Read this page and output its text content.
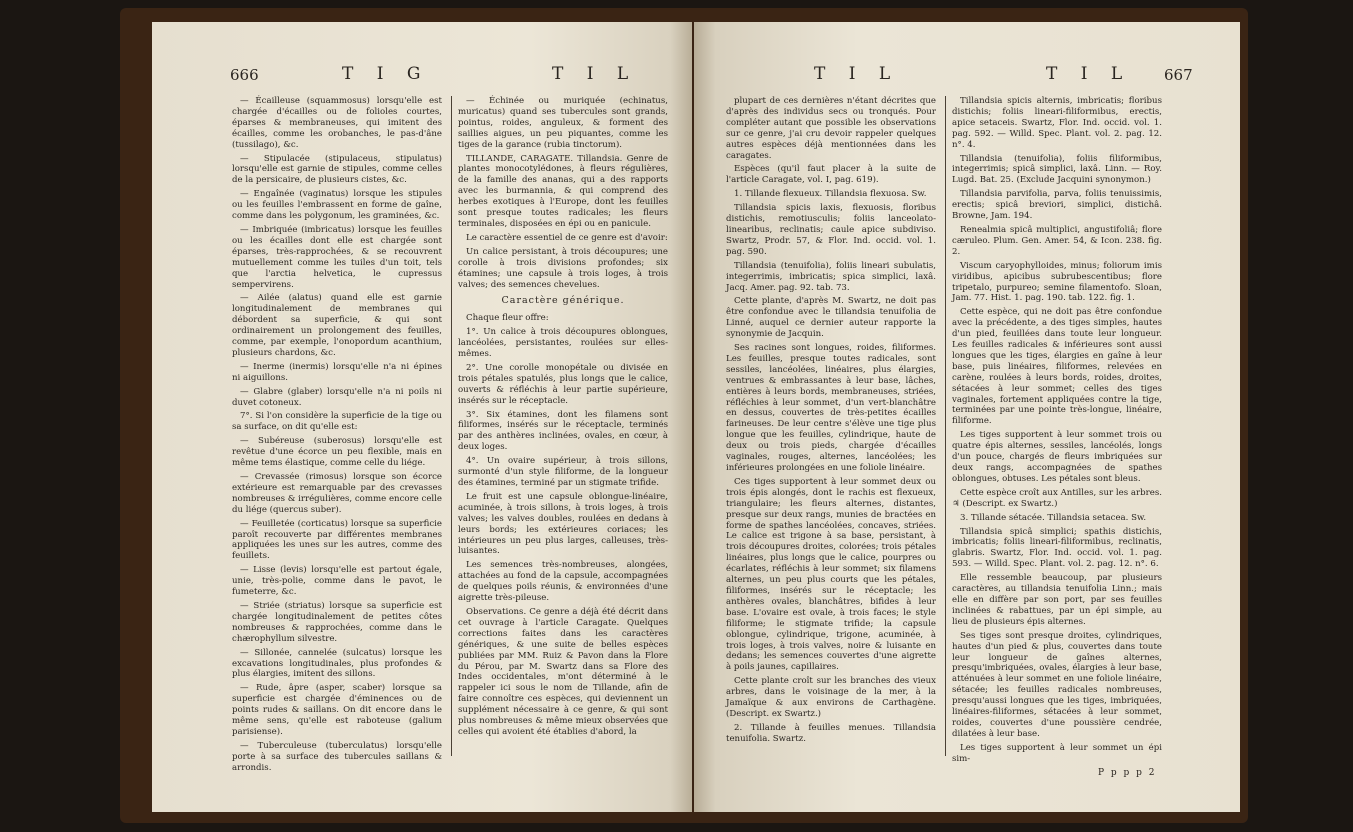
666	T I G	T I L

— Écailleuse (squammosus) lorsqu'elle est chargée d'écailles ou de folioles courtes, éparses & membraneuses, qui imitent des écailles, comme les orobanches, le pas-d'âne (tussilago), &c.

— Stipulacée (stipulaceus, stipulatus) lorsqu'elle est garnie de stipules, comme celles de la persicaire, de plusieurs cistes, &c.

— Engaînée (vaginatus) lorsque les stipules ou les feuilles l'embrassent en forme de gaîne, comme dans les polygonum, les graminées, &c.

— Imbriquée (imbricatus) lorsque les feuilles ou les écailles dont elle est chargée sont éparses, très-rapprochées, & se recouvrent mutuellement comme les tuiles d'un toit, tels que l'arctia helvetica, le cupressus sempervirens.

— Ailée (alatus) quand elle est garnie longitudinalement de membranes qui débordent sa superficie, & qui sont ordinairement un prolongement des feuilles, comme, par exemple, l'onopordum acanthium, plusieurs chardons, &c.

— Inerme (inermis) lorsqu'elle n'a ni épines ni aiguillons.

— Glabre (glaber) lorsqu'elle n'a ni poils ni duvet cotoneux.

7°. Si l'on considère la superficie de la tige ou sa surface, on dit qu'elle est:

— Subéreuse (suberosus) lorsqu'elle est revêtue d'une écorce un peu flexible, mais en même tems élastique, comme celle du liége.

— Crevassée (rimosus) lorsque son écorce extérieure est remarquable par des crevasses nombreuses & irrégulières, comme encore celle du liége (quercus suber).

— Feuilletée (corticatus) lorsque sa superficie paroît recouverte par différentes membranes appliquées les unes sur les autres, comme des feuillets.

— Lisse (levis) lorsqu'elle est partout égale, unie, très-polie, comme dans le pavot, le fumeterre, &c.

— Striée (striatus) lorsque sa superficie est chargée longitudinalement de petites côtes nombreuses & rapprochées, comme dans le chærophyllum silvestre.

— Sillonée, cannelée (sulcatus) lorsque les excavations longitudinales, plus profondes & plus élargies, imitent des sillons.

— Rude, âpre (asper, scaber) lorsque sa superficie est chargée d'éminences ou de points rudes & saillans. On dit encore dans le même sens, qu'elle est raboteuse (galium parisiense).

— Tuberculeuse (tuberculatus) lorsqu'elle porte à sa surface des tubercules saillans & arrondis.

— Échinée ou muriquée (echinatus, muricatus) quand ses tubercules sont grands, pointus, roides, anguleux, & forment des saillies aigues, un peu piquantes, comme les tiges de la garance (rubia tinctorum).

TILLANDE, CARAGATE. Tillandsia. Genre de plantes monocotylédones, à fleurs régulières, de la famille des ananas, qui a des rapports avec les burmannia, & qui comprend des herbes exotiques à l'Europe, dont les feuilles sont presque toutes radicales; les fleurs terminales, disposées en épi ou en panicule.

Le caractère essentiel de ce genre est d'avoir:

Un calice persistant, à trois découpures; une corolle à trois divisions profondes; six étamines; une capsule à trois loges, à trois valves; des semences chevelues.

Caractère générique.

Chaque fleur offre:

1°. Un calice à trois découpures oblongues, lancéolées, persistantes, roulées sur elles-mêmes.

2°. Une corolle monopétale ou divisée en trois pétales spatulés, plus longs que le calice, ouverts & réfléchis à leur partie supérieure, insérés sur le réceptacle.

3°. Six étamines, dont les filamens sont filiformes, insérés sur le réceptacle, terminés par des anthères inclinées, ovales, en cœur, à deux loges.

4°. Un ovaire supérieur, à trois sillons, surmonté d'un style filiforme, de la longueur des étamines, terminé par un stigmate trifide.

Le fruit est une capsule oblongue-linéaire, acuminée, à trois sillons, à trois loges, à trois valves; les valves doubles, roulées en dedans à leurs bords; les extérieures coriaces; les intérieures un peu plus larges, calleuses, très-luisantes.

Les semences très-nombreuses, alongées, attachées au fond de la capsule, accompagnées de quelques poils réunis, & environnées d'une aigrette très-pileuse.

Observations. Ce genre a déjà été décrit dans cet ouvrage à l'article Caragate. Quelques corrections faites dans les caractères génériques, & une suite de belles espèces publiées par MM. Ruiz & Pavon dans la Flore du Pérou, par M. Swartz dans sa Flore des Indes occidentales, m'ont déterminé à le rappeler ici sous le nom de Tillande, afin de faire connoître ces espèces, qui deviennent un supplément nécessaire à ce genre, & qui sont plus nombreuses & même mieux observées que celles qui avoient été établies d'abord, la

T I L	T I L 667

plupart de ces dernières n'étant décrites que d'après des individus secs ou tronqués. Pour compléter autant que possible les observations sur ce genre, j'ai cru devoir rappeler quelques autres espèces déjà mentionnées dans les caragates.

Espèces (qu'il faut placer à la suite de l'article Caragate, vol. I, pag. 619).

1. Tillande flexueux. Tillandsia flexuosa. Sw.

Tillandsia spicis laxis, flexuosis, floribus distichis, remotiusculis; foliis lanceolato-linearibus, reclinatis; caule apice subdiviso. Swartz, Prodr. 57, & Flor. Ind. occid. vol. 1. pag. 590.

Tillandsia (tenuifolia), foliis lineari subulatis, integerrimis, imbricatis; spica simplici, laxâ. Jacq. Amer. pag. 92. tab. 73.

Cette plante, d'après M. Swartz, ne doit pas être confondue avec le tillandsia tenuifolia de Linné, auquel ce dernier auteur rapporte la synonymie de Jacquin.

Ses racines sont longues, roides, filiformes. Les feuilles, presque toutes radicales, sont sessiles, lancéolées, linéaires, plus élargies, ventrues & embrassantes à leur base, lâches, entières à leurs bords, membraneuses, striées, réfléchies à leur sommet, d'un vert-blanchâtre en dessus, couvertes de très-petites écailles farineuses. De leur centre s'élève une tige plus longue que les feuilles, cylindrique, haute de deux ou trois pieds, chargée d'écailles vaginales, rouges, alternes, lancéolées; les inférieures prolongées en une foliole linéaire.

Ces tiges supportent à leur sommet deux ou trois épis alongés, dont le rachis est flexueux, triangulaire; les fleurs alternes, distantes, presque sur deux rangs, munies de bractées en forme de spathes lancéolées, concaves, striées. Le calice est trigone à sa base, persistant, à trois découpures droites, colorées; trois pétales linéaires, plus longs que le calice, pourpres ou écarlates, réfléchis à leur sommet; six filamens alternes, un peu plus courts que les pétales, filiformes, insérés sur le réceptacle; les anthères ovales, blanchâtres, bifides à leur base. L'ovaire est ovale, à trois faces; le style filiforme; le stigmate trifide; la capsule oblongue, cylindrique, trigone, acuminée, à trois loges, à trois valves, noire & luisante en dedans; les semences couvertes d'une aigrette à poils jaunes, capillaires.

Cette plante croît sur les branches des vieux arbres, dans le voisinage de la mer, à la Jamaïque & aux environs de Carthagène. (Descript. ex Swartz.)

2. Tillande à feuilles menues. Tillandsia tenuifolia. Swartz.

Tillandsia spicis alternis, imbricatis; floribus distichis; foliis lineari-filiformibus, erectis, apice setaceis. Swartz, Flor. Ind. occid. vol. 1. pag. 592. — Willd. Spec. Plant. vol. 2. pag. 12. n°. 4.

Tillandsia (tenuifolia), foliis filiformibus, integerrimis; spicâ simplici, laxâ. Linn. — Roy. Lugd. Bat. 25. (Exclude Jacquini synonymon.)

Tillandsia parvifolia, parva, foliis tenuissimis, erectis; spicâ breviori, simplici, distichâ. Browne, Jam. 194.

Renealmia spicâ multiplici, angustifoliâ; flore cæruleo. Plum. Gen. Amer. 54, & Icon. 238. fig. 2.

Viscum caryophylloides, minus; foliorum imis viridibus, apicibus subrubescentibus; flore tripetalo, purpureo; semine filamentofo. Sloan, Jam. 77. Hist. 1. pag. 190. tab. 122. fig. 1.

Cette espèce, qui ne doit pas être confondue avec la précédente, a des tiges simples, hautes d'un pied, feuillées dans toute leur longueur. Les feuilles radicales & inférieures sont aussi longues que les tiges, élargies en gaîne à leur base, puis linéaires, filiformes, relevées en carène, roulées à leurs bords, roides, droites, sétacées à leur sommet; celles des tiges vaginales, fortement appliquées contre la tige, terminées par une pointe très-longue, linéaire, filiforme.

Les tiges supportent à leur sommet trois ou quatre épis alternes, sessiles, lancéolés, longs d'un pouce, chargés de fleurs imbriquées sur deux rangs, accompagnées de spathes oblongues, obtuses. Les pétales sont bleus.

Cette espèce croît aux Antilles, sur les arbres. ♃ (Descript. ex Swartz.)

3. Tillande sétacée. Tillandsia setacea. Sw.

Tillandsia spicâ simplici; spathis distichis, imbricatis; foliis lineari-filiformibus, reclinatis, glabris. Swartz, Flor. Ind. occid. vol. 1. pag. 593. — Willd. Spec. Plant. vol. 2. pag. 12. n°. 6.

Elle ressemble beaucoup, par plusieurs caractères, au tillandsia tenuifolia Linn.; mais elle en diffère par son port, par ses feuilles inclinées & rabattues, par un épi simple, au lieu de plusieurs épis alternes.

Ses tiges sont presque droites, cylindriques, hautes d'un pied & plus, couvertes dans toute leur longueur de gaînes alternes, presqu'imbriquées, ovales, élargies à leur base, atténuées à leur sommet en une foliole linéaire, sétacée; les feuilles radicales nombreuses, presqu'aussi longues que les tiges, imbriquées, linéaires-filiformes, sétacées à leur sommet, roides, couvertes d'une poussière cendrée, dilatées à leur base.

Les tiges supportent à leur sommet un épi sim-

P p p p 2
